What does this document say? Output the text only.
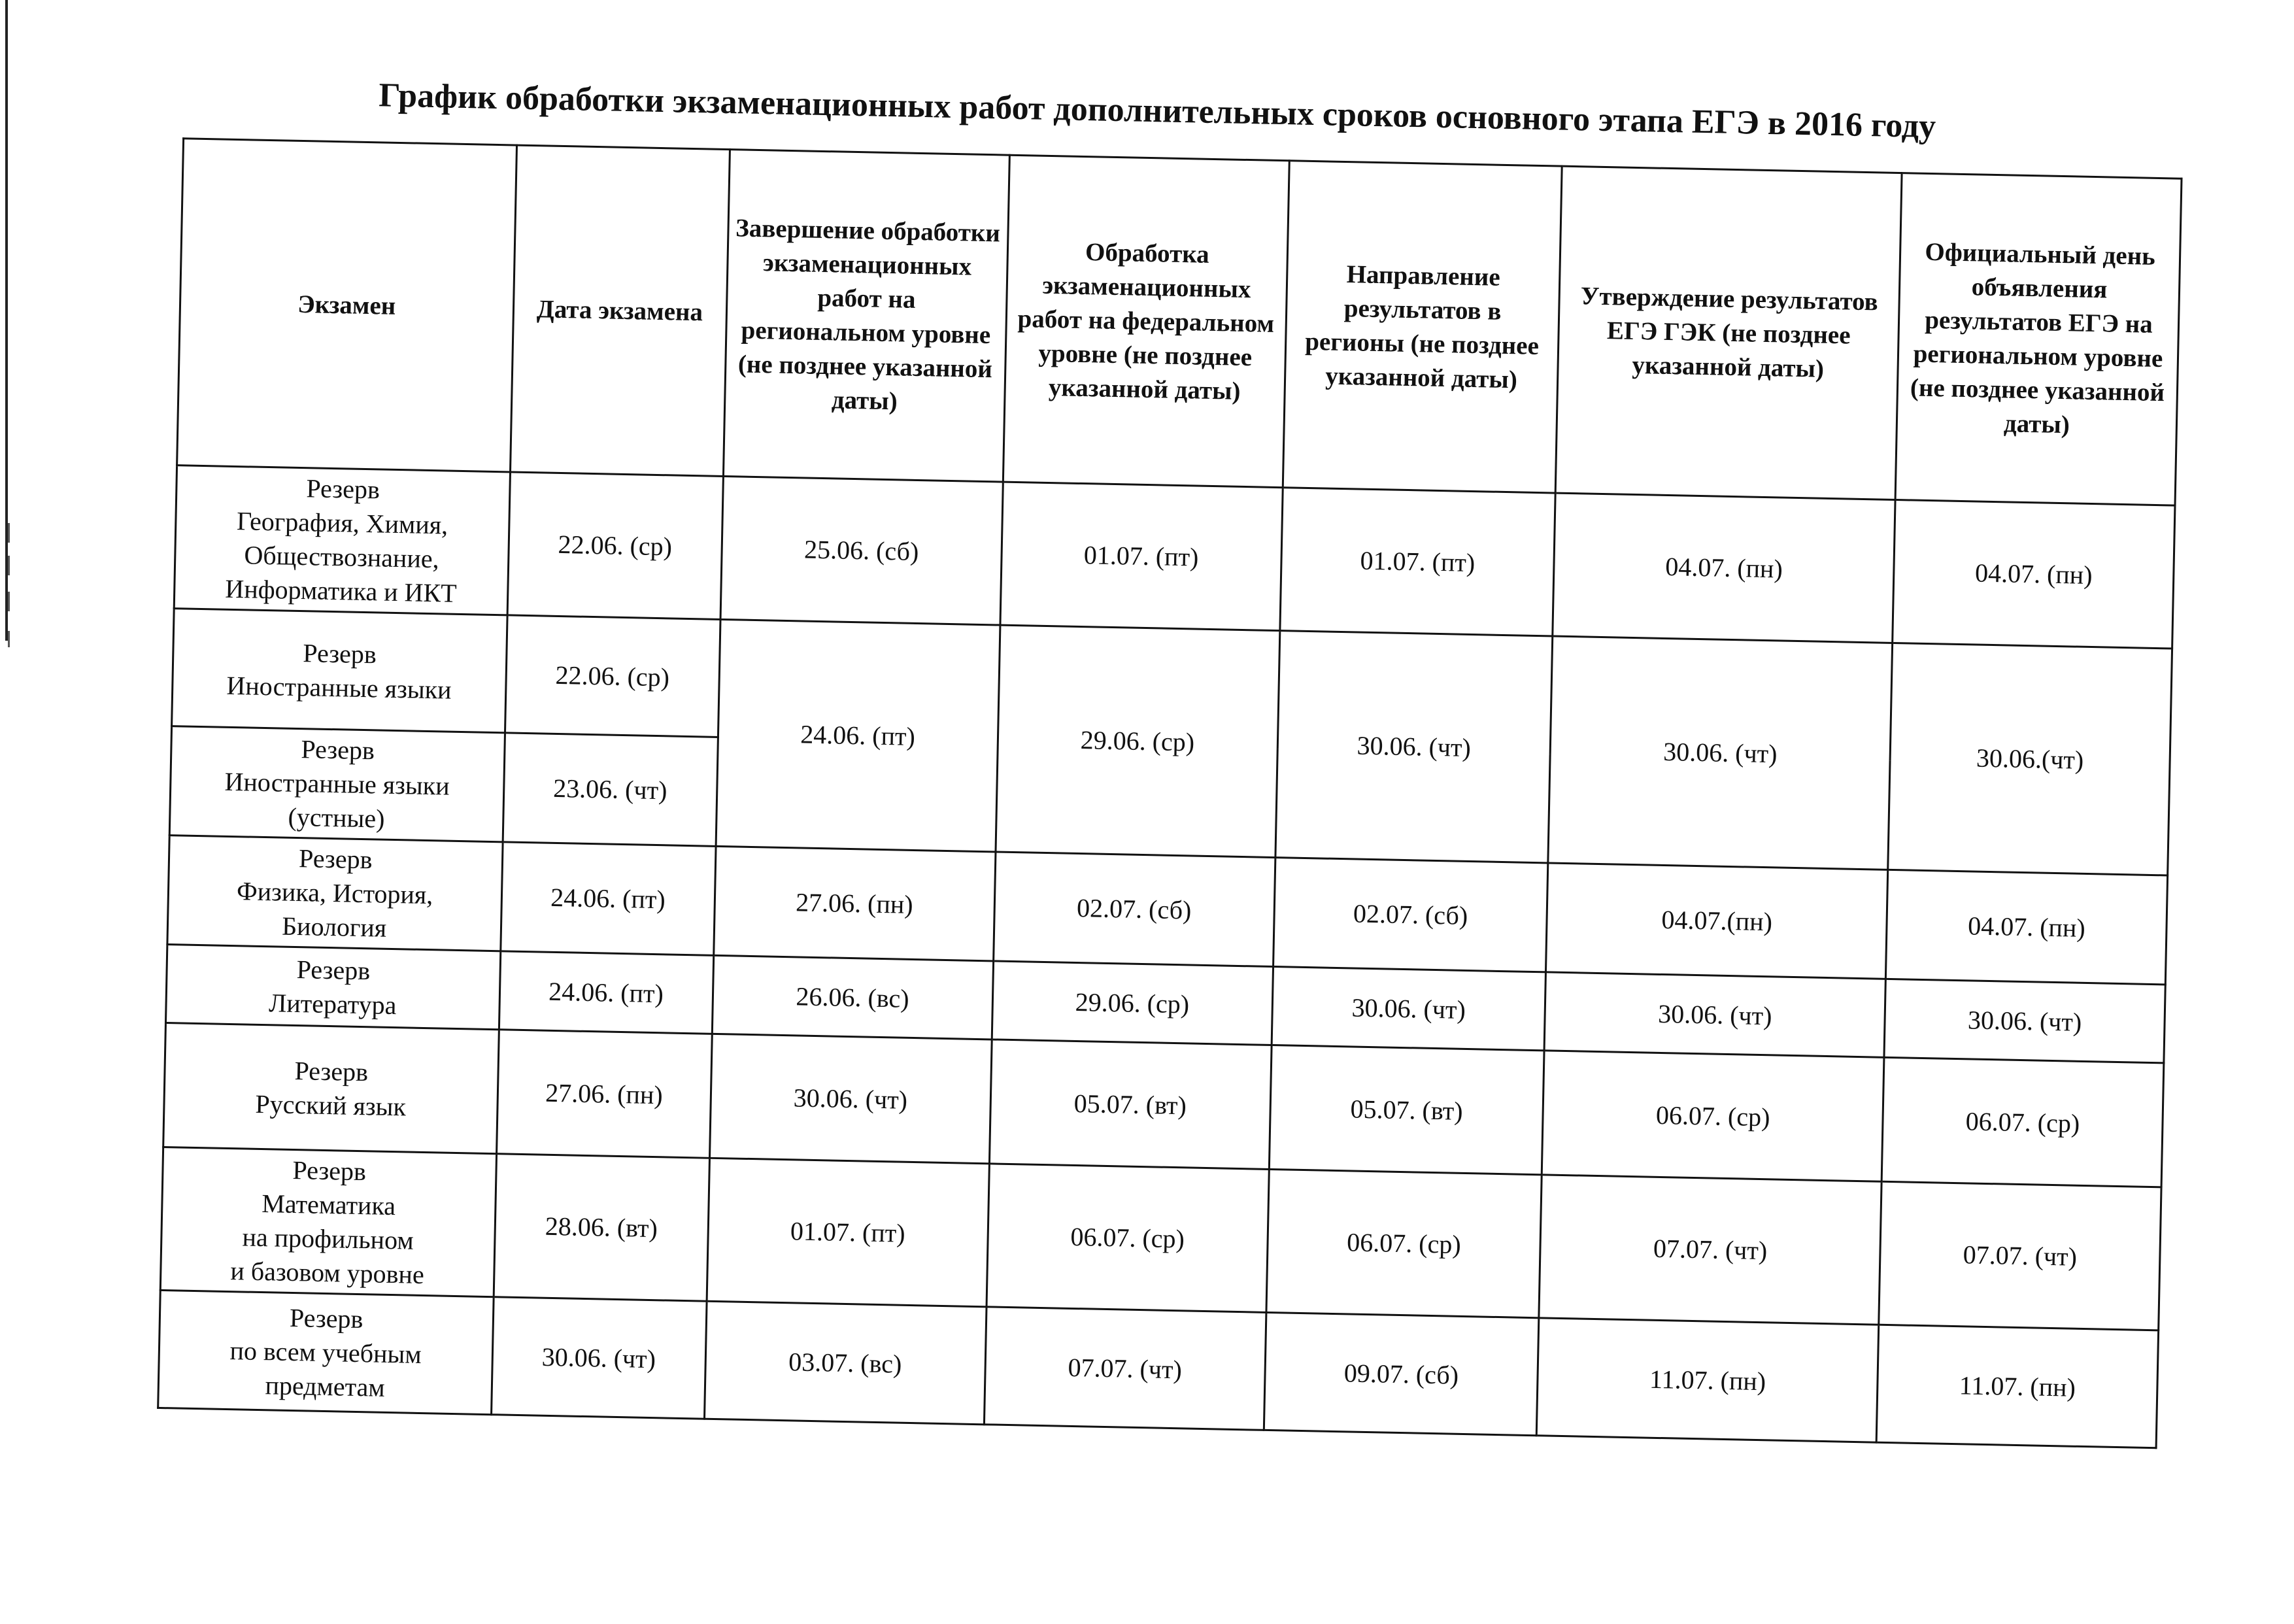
График обработки экзаменационных работ дополнительных сроков основного этапа ЕГЭ в 2016 году
Экзамен	Дата экзамена	Завершение обработки экзаменационных работ на региональном уровне (не позднее указанной даты)	Обработка экзаменационных работ на федеральном уровне (не позднее указанной даты)	Направление результатов в регионы (не позднее указанной даты)	Утверждение результатов ЕГЭ ГЭК (не позднее указанной даты)	Официальный день объявления результатов ЕГЭ на региональном уровне (не позднее указанной даты)
Резерв
География, Химия,
Обществознание,
Информатика и ИКТ	22.06. (ср)	25.06. (сб)	01.07. (пт)	01.07. (пт)	04.07. (пн)	04.07. (пн)
Резерв
Иностранные языки	22.06. (ср)	24.06. (пт)	29.06. (ср)	30.06. (чт)	30.06. (чт)	30.06.(чт)
Резерв
Иностранные языки
(устные)	23.06. (чт)					
Резерв
Физика, История,
Биология	24.06. (пт)	27.06. (пн)	02.07. (сб)	02.07. (сб)	04.07.(пн)	04.07. (пн)
Резерв
Литература	24.06. (пт)	26.06. (вс)	29.06. (ср)	30.06. (чт)	30.06. (чт)	30.06. (чт)
Резерв
Русский язык	27.06. (пн)	30.06. (чт)	05.07. (вт)	05.07. (вт)	06.07. (ср)	06.07. (ср)
Резерв
Математика
на профильном
и базовом уровне	28.06. (вт)	01.07. (пт)	06.07. (ср)	06.07. (ср)	07.07. (чт)	07.07. (чт)
Резерв
по всем учебным
предметам	30.06. (чт)	03.07. (вс)	07.07. (чт)	09.07. (сб)	11.07. (пн)	11.07. (пн)
